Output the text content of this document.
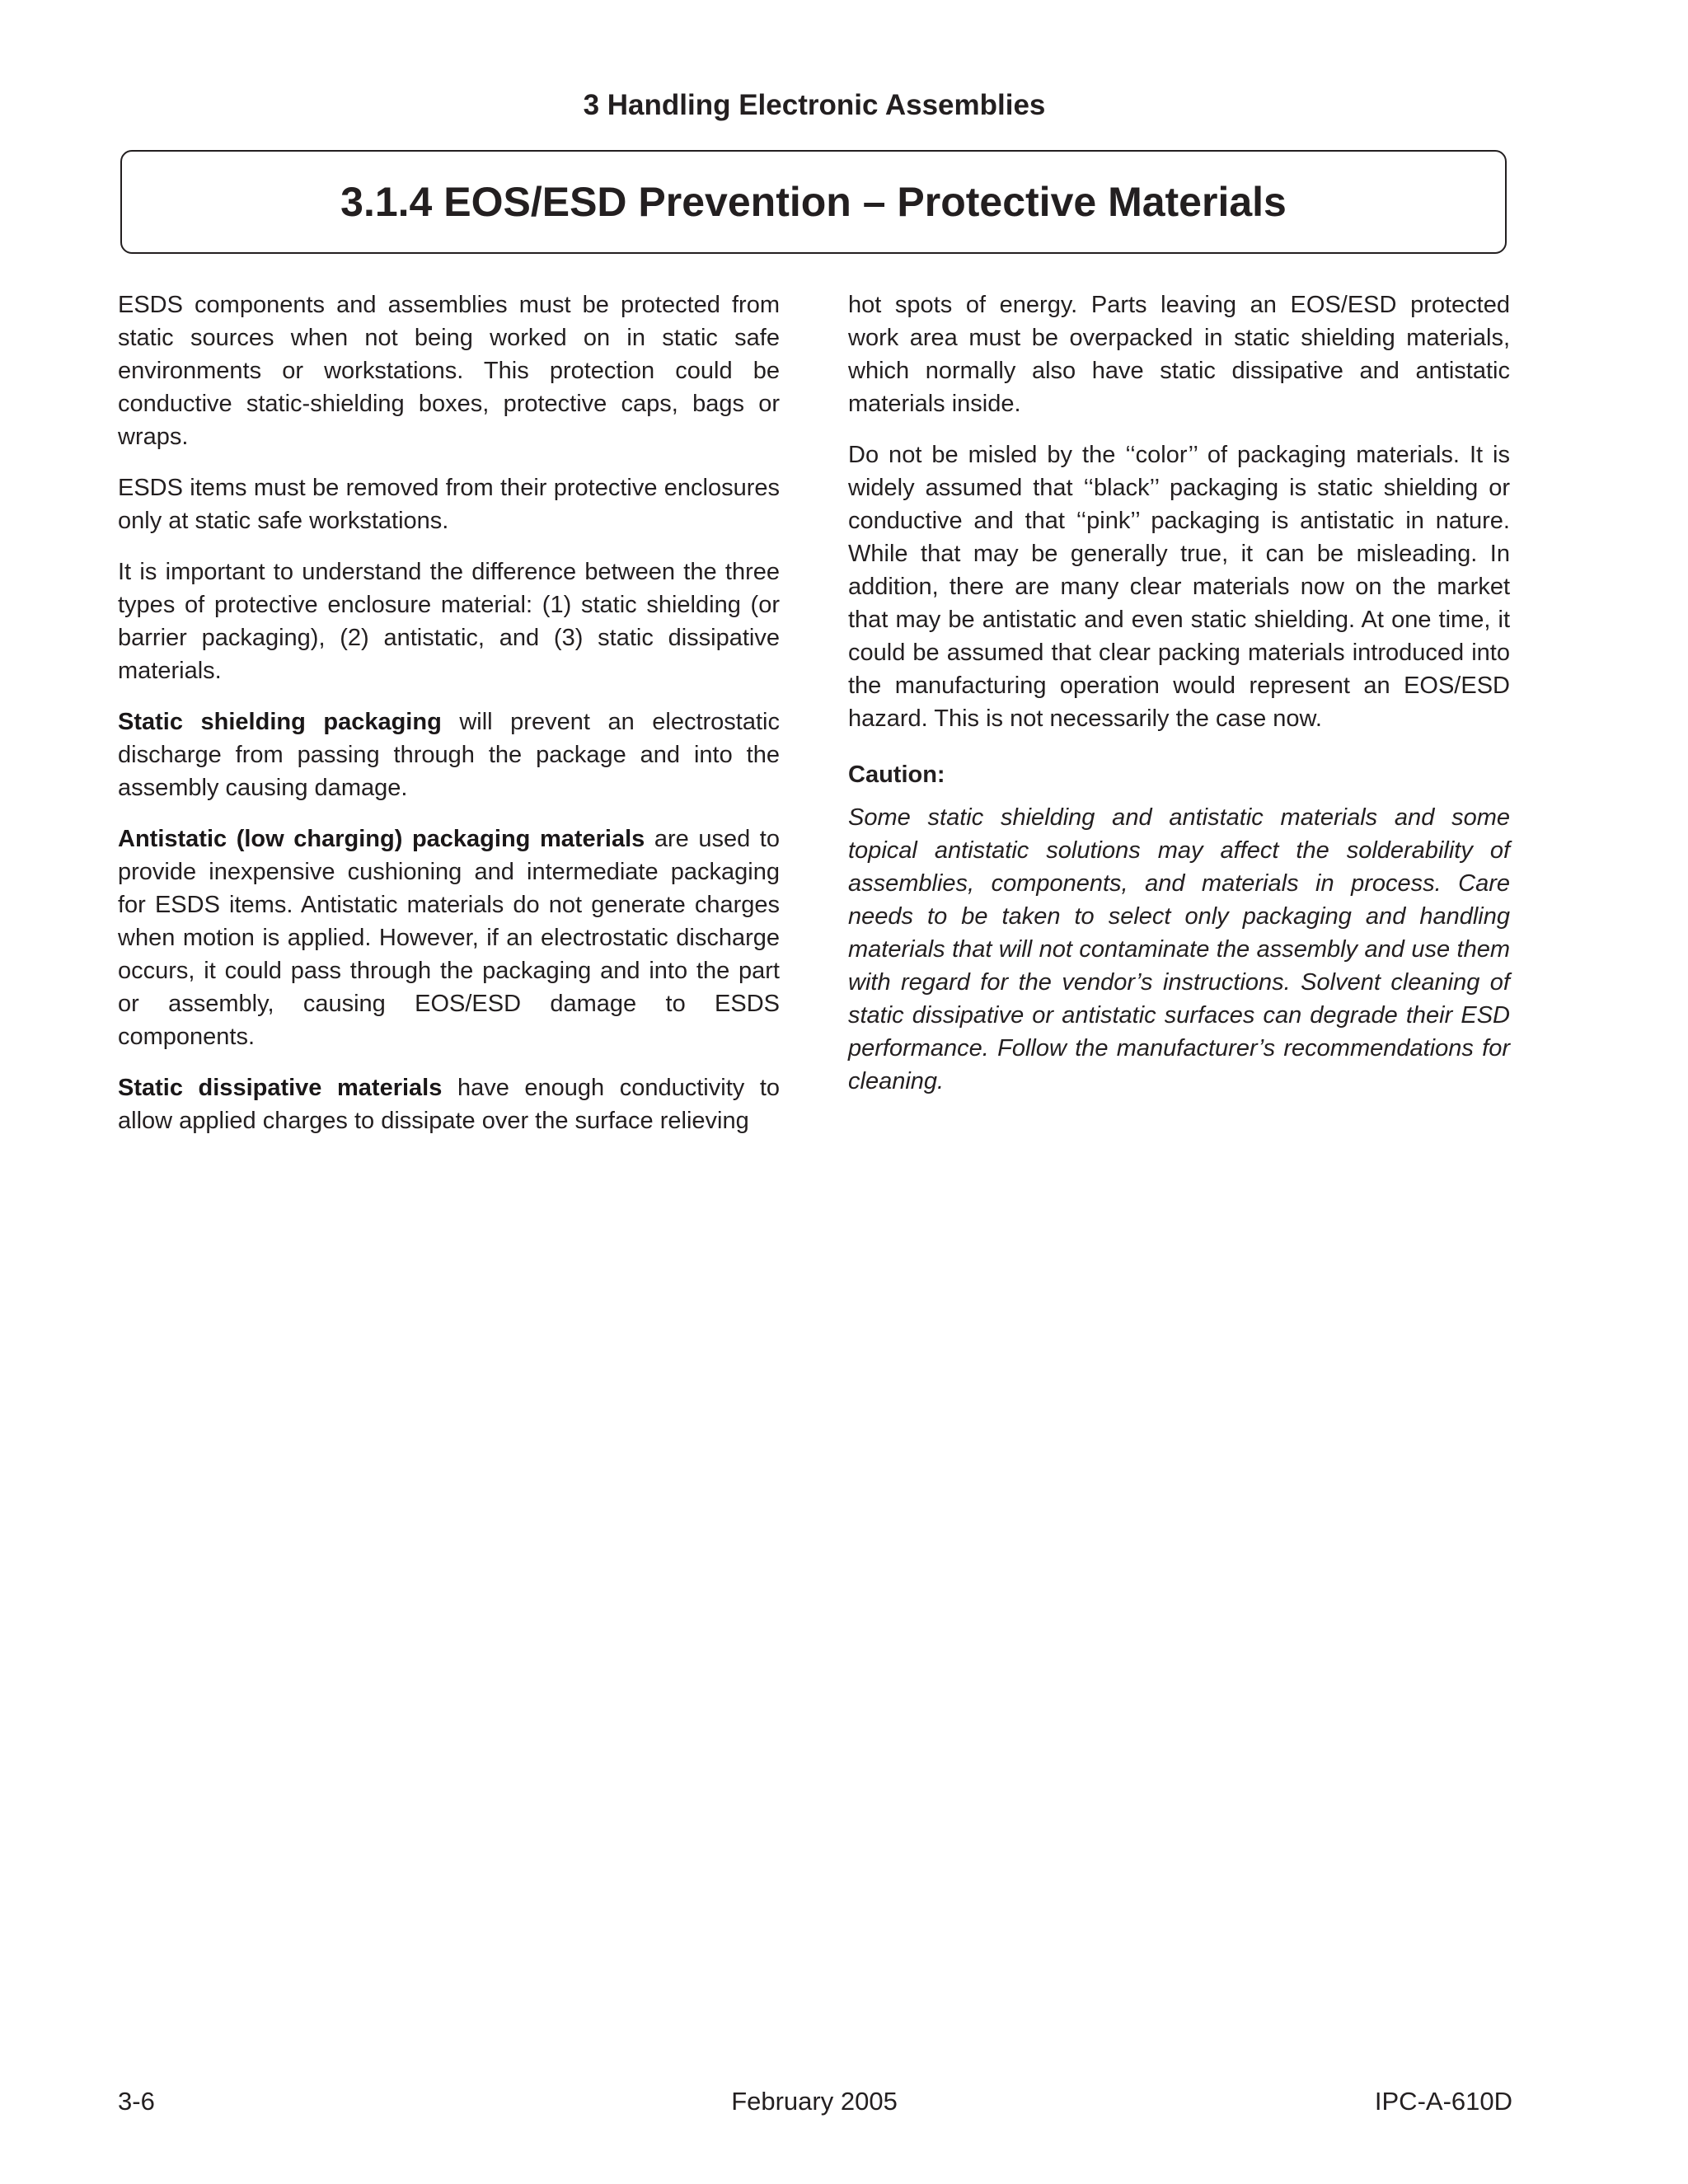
3 Handling Electronic Assemblies
3.1.4 EOS/ESD Prevention – Protective Materials

ESDS components and assemblies must be protected from static sources when not being worked on in static safe environments or workstations. This protection could be conductive static-shielding boxes, protective caps, bags or wraps.

ESDS items must be removed from their protective enclosures only at static safe workstations.

It is important to understand the difference between the three types of protective enclosure material: (1) static shielding (or barrier packaging), (2) antistatic, and (3) static dissipative materials.

Static shielding packaging will prevent an electrostatic discharge from passing through the package and into the assembly causing damage.

Antistatic (low charging) packaging materials are used to provide inexpensive cushioning and intermediate packaging for ESDS items. Antistatic materials do not generate charges when motion is applied. However, if an electrostatic discharge occurs, it could pass through the packaging and into the part or assembly, causing EOS/ESD damage to ESDS components.

Static dissipative materials have enough conductivity to allow applied charges to dissipate over the surface relieving

hot spots of energy. Parts leaving an EOS/ESD protected work area must be overpacked in static shielding materials, which normally also have static dissipative and antistatic materials inside.

Do not be misled by the ‘‘color’’ of packaging materials. It is widely assumed that ‘‘black’’ packaging is static shielding or conductive and that ‘‘pink’’ packaging is antistatic in nature. While that may be generally true, it can be misleading. In addition, there are many clear materials now on the market that may be antistatic and even static shielding. At one time, it could be assumed that clear packing materials introduced into the manufacturing operation would represent an EOS/ESD hazard. This is not necessarily the case now.

Caution:

Some static shielding and antistatic materials and some topical antistatic solutions may affect the solderability of assemblies, components, and materials in process. Care needs to be taken to select only packaging and handling materials that will not contaminate the assembly and use them with regard for the vendor’s instructions. Solvent cleaning of static dissipative or antistatic surfaces can degrade their ESD performance. Follow the manufacturer’s recommendations for cleaning.

3-6	February 2005	IPC-A-610D
